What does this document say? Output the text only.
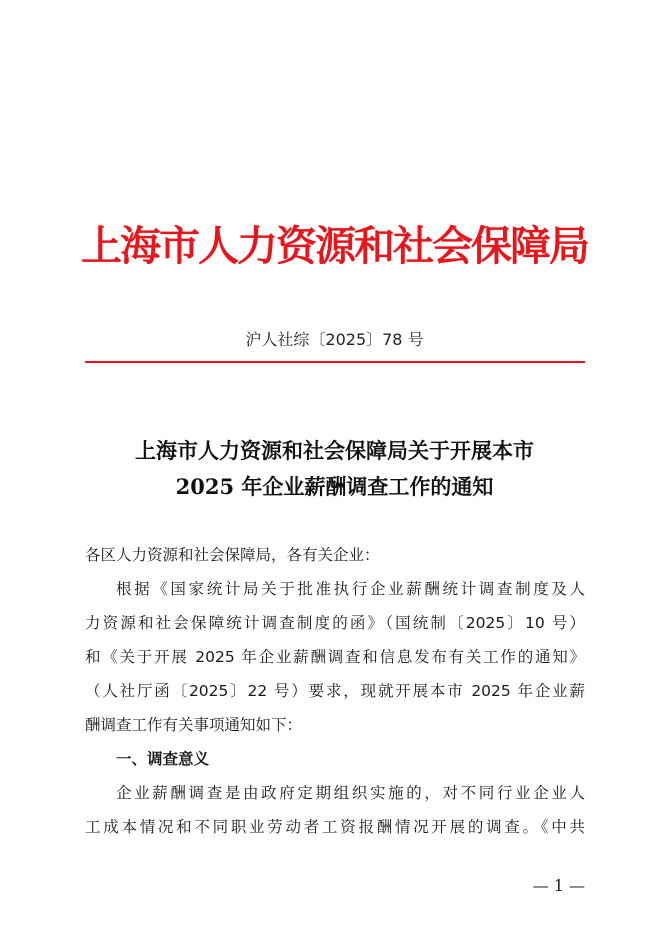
上海市人力资源和社会保障局
沪人社综〔2025〕78 号
上海市人力资源和社会保障局关于开展本市
2025 年企业薪酬调查工作的通知
各区人力资源和社会保障局，各有关企业：
根据《国家统计局关于批准执行企业薪酬统计调查制度及人
力资源和社会保障统计调查制度的函》（国统制〔2025〕10 号）
和《关于开展 2025 年企业薪酬调查和信息发布有关工作的通知》
（人社厅函〔2025〕22 号）要求，现就开展本市 2025 年企业薪
酬调查工作有关事项通知如下：
一、调查意义
企业薪酬调查是由政府定期组织实施的，对不同行业企业人
工成本情况和不同职业劳动者工资报酬情况开展的调查。《中共
— 1 —
